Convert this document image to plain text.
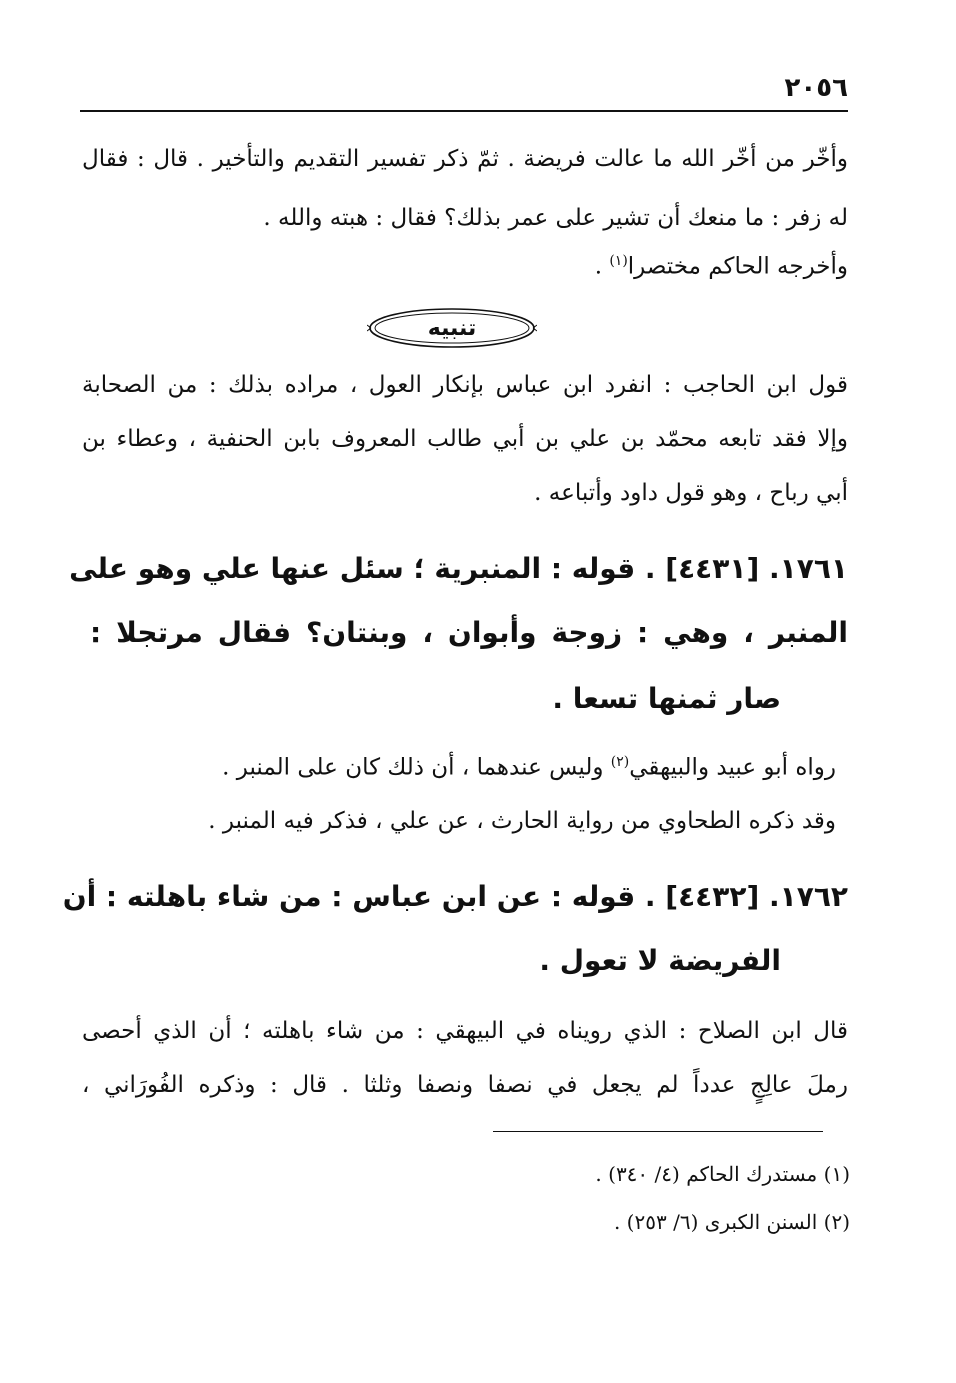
٢٠٥٦
وأخّر من أخّر الله ما عالت فريضة . ثمّ ذكر تفسير التقديم والتأخير . قال : فقال
له زفر : ما منعك أن تشير على عمر بذلك؟ فقال : هبته والله .
وأخرجه الحاكم مختصرا$^{(١)}$ .
تنبيه
قول ابن الحاجب : انفرد ابن عباس بإنكار العول ، مراده بذلك : من الصحابة
وإلا فقد تابعه محمّد بن علي بن أبي طالب المعروف بابن الحنفية ، وعطاء بن
أبي رباح ، وهو قول داود وأتباعه .
١٧٦١. [٤٤٣١] . قوله : المنبرية ؛ سئل عنها علي وهو على
المنبر ، وهي : زوجة وأبوان ، وبنتان؟ فقال مرتجلا :
صار ثمنها تسعا .
رواه أبو عبيد والبيهقي$^{(٢)}$ وليس عندهما ، أن ذلك كان على المنبر .
وقد ذكره الطحاوي من رواية الحارث ، عن علي ، فذكر فيه المنبر .
١٧٦٢. [٤٤٣٢] . قوله : عن ابن عباس : من شاء باهلته : أن
الفريضة لا تعول .
قال ابن الصلاح : الذي رويناه في البيهقي : من شاء باهلته ؛ أن الذي أحصى
رملَ عالِجٍ عدداً لم يجعل في نصفا ونصفا وثلثا . قال : وذكره الفُورَاني ،
(١) مستدرك الحاكم (٤/ ٣٤٠) .
(٢) السنن الكبرى (٦/ ٢٥٣) .
